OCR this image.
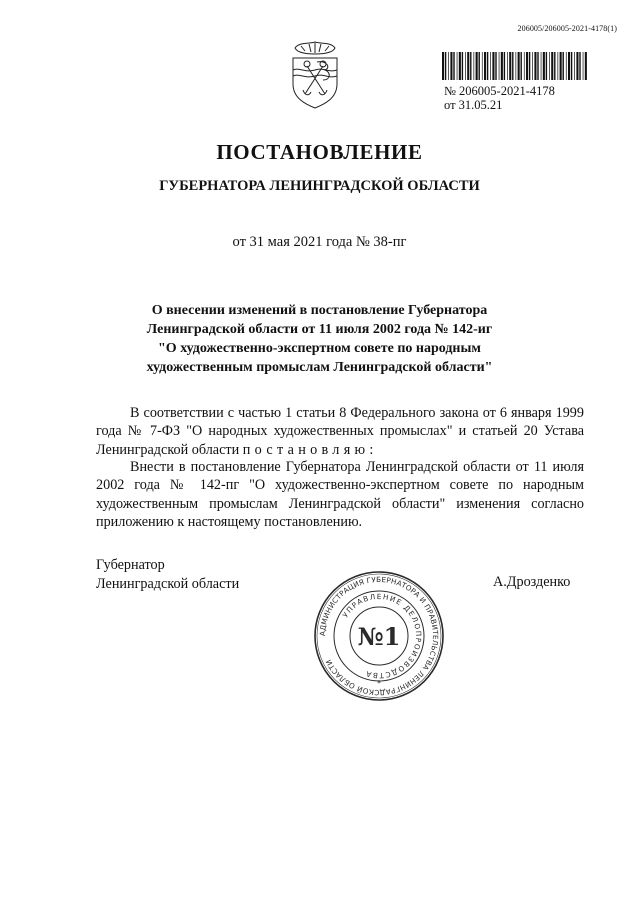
206005/206005-2021-4178(1)
№ 206005-2021-4178
от 31.05.21
ПОСТАНОВЛЕНИЕ
ГУБЕРНАТОРА ЛЕНИНГРАДСКОЙ ОБЛАСТИ
от 31 мая 2021 года № 38-пг
О внесении изменений в постановление Губернатора
Ленинградской области от 11 июля 2002 года № 142-иг
"О художественно-экспертном совете по народным
художественным промыслам Ленинградской области"
В соответствии с частью 1 статьи 8 Федерального закона от 6 января 1999 года № 7-ФЗ "О народных художественных промыслах" и статьей 20 Устава Ленинградской области постановляю:
Внести в постановление Губернатора Ленинградской области от 11 июля 2002 года № 142-пг "О художественно-экспертном совете по народным художественным промыслам Ленинградской области" изменения согласно приложению к настоящему постановлению.
Губернатор
Ленинградской области	А.Дрозденко
АДМИНИСТРАЦИЯ ГУБЕРНАТОРА И ПРАВИТЕЛЬСТВА ЛЕНИНГРАДСКОЙ ОБЛАСТИ
УПРАВЛЕНИЕ ДЕЛОПРОИЗВОДСТВА
№1
*
